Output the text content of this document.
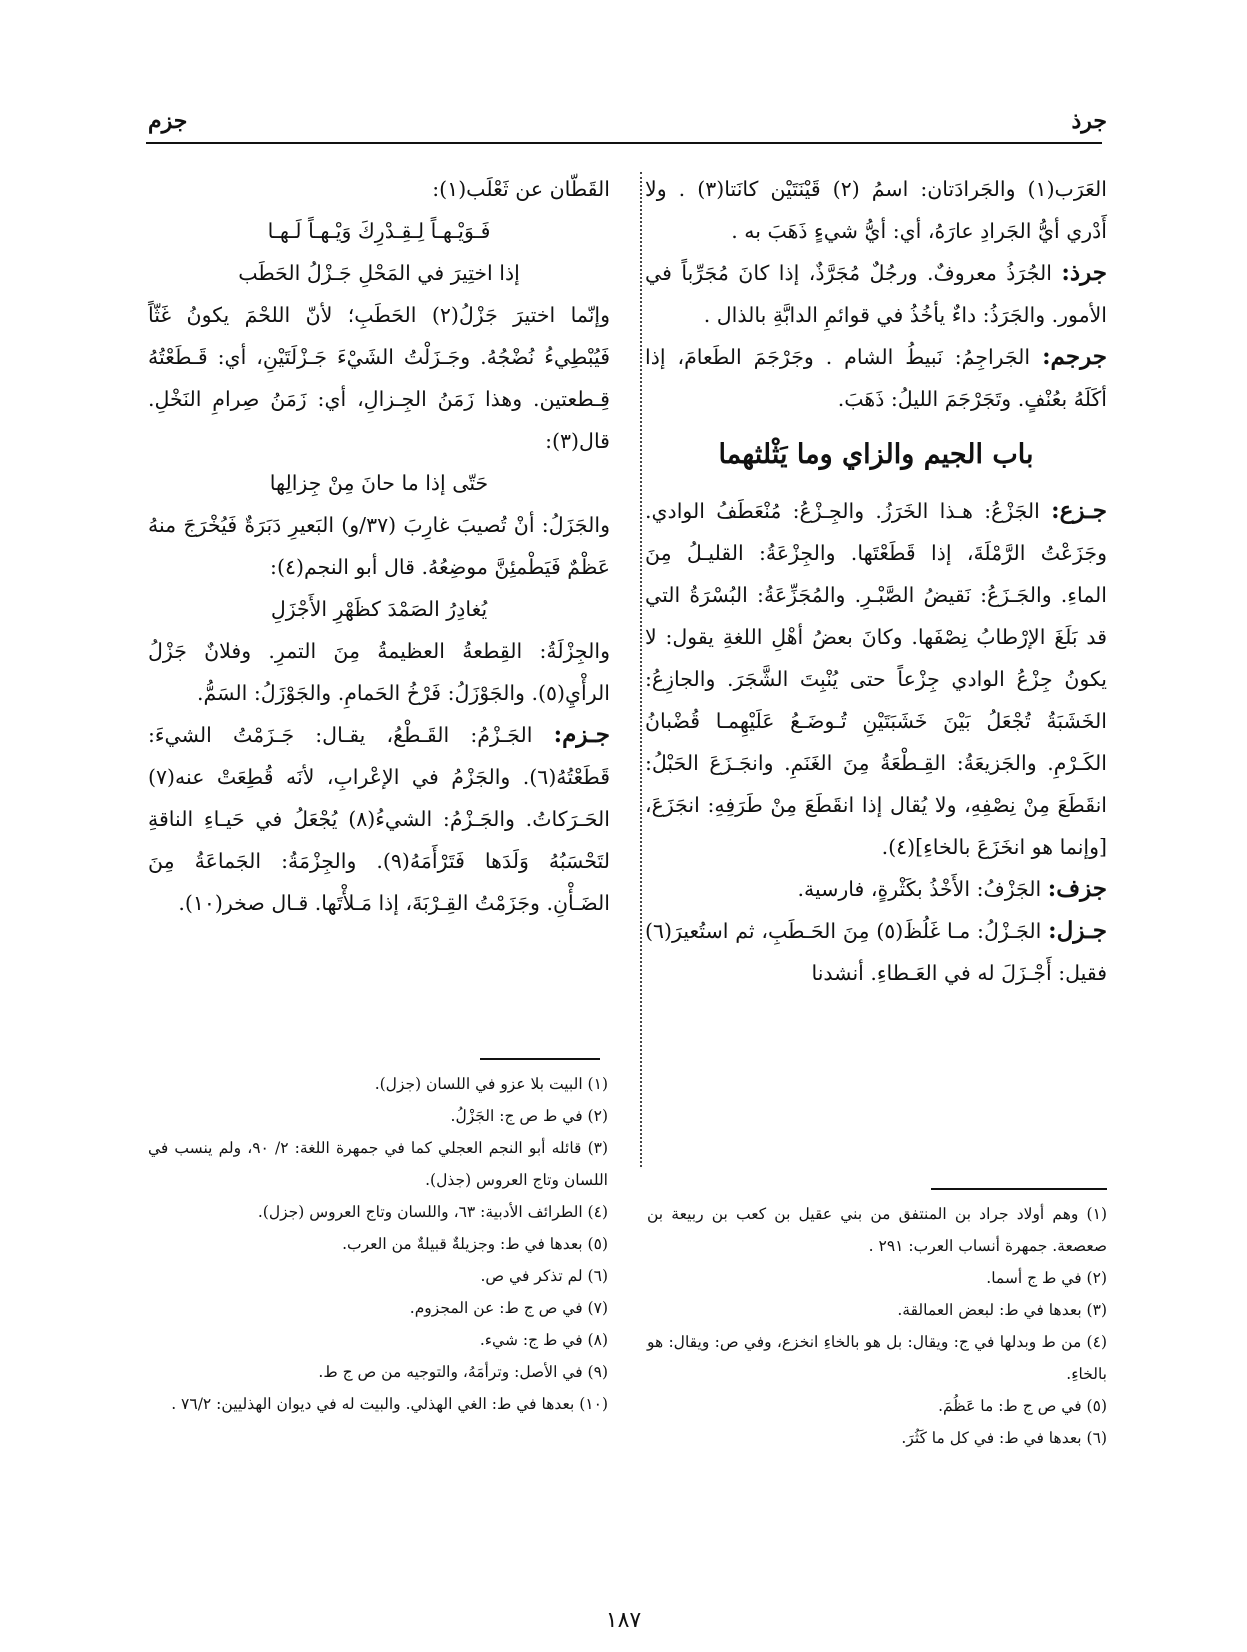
جرذ
جزم

العَرَب(١) والجَرادَتان: اسمُ (٢) قَيْنَتَيْن كانَتا(٣) . ولا أَدْري أيُّ الجَرادِ عارَهُ، أي: أيُّ شيءٍ ذَهَبَ به .

جرذ: الجُرَذُ معروفٌ. ورجُلٌ مُجَرَّذٌ، إذا كانَ مُجَرِّباً في الأمور. والجَرَذُ: داءٌ يأخُذُ في قوائمِ الدابَّةِ بالذال .

جرجم: الجَراجِمُ: نَبيطُ الشام . وجَرْجَمَ الطَعامَ، إذا أكَلَهُ بعُنْفٍ. وتَجَرْجَمَ الليلُ: ذَهَبَ.

باب الجيم والزاي وما يَثْلثهما

جـزع: الجَزْعُ: هـذا الخَرَزُ. والجِـزْعُ: مُنْعَطَفُ الوادي. وجَزَعْتُ الرَّمْلَةَ، إذا قَطَعْتَها. والجِزْعَةُ: القليـلُ مِنَ الماءِ. والجَـزَعُ: نَقيضُ الصَّبْـرِ. والمُجَزِّعَةُ: البُسْرَةُ التي قد بَلَغَ الإرْطابُ نِصْفَها. وكانَ بعضُ أهْلِ اللغةِ يقول: لا يكونُ جِزْعُ الوادي جِزْعاً حتى يُنْبِتَ الشَّجَرَ. والجازِعُ: الخَشَبَةُ تُجْعَلُ بَيْنَ خَشَبَتَيْنِ تُـوضَـعُ عَلَيْهِمـا قُضْبانُ الكَـرْمِ. والجَزيعَةُ: القِـطْعَةُ مِنَ الغَنَمِ. وانجَـزَعَ الحَبْلُ: انقَطَعَ مِنْ نِصْفِهِ، ولا يُقال إذا انقَطَعَ مِنْ طَرَفِهِ: انجَزَعَ، [وإنما هو انخَزَعَ بالخاءِ](٤).

جزف: الجَزْفُ: الأَخْذُ بكَثْرةٍ، فارسية.

جـزل: الجَـزْلُ: مـا غَلُظَ(٥) مِنَ الحَـطَبِ، ثم استُعيرَ(٦) فقيل: أَجْـزَلَ له في العَـطاءِ. أنشدنا

القَطّان عن ثَعْلَب(١):

فَـوَيْـهـاً لِـقِـدْرِكَ وَيْـهـاً لَـهـا
إذا اختِيرَ في المَحْلِ جَـزْلُ الحَطَب

وإنّما اختيرَ جَزْلُ(٢) الحَطَبِ؛ لأنّ اللحْمَ يكونُ غَثّاً فَيُبْطِيءُ نُضْجُهُ. وجَـزَلْتُ الشَيْءَ جَـزْلَتَيْنِ، أي: قَـطَعْتُهُ قِـطعتين. وهذا زَمَنُ الجِـزالِ، أي: زَمَنُ صِرامِ النَخْلِ. قال(٣):

حَتّى إذا ما حانَ مِنْ جِزالِها

والجَزَلُ: أنْ تُصيبَ غارِبَ (٣٧/و) البَعيرِ دَبَرَةٌ فَيُخْرَجَ منهُ عَظْمٌ فَيَطْمئِنَّ موضِعُهُ. قال أبو النجم(٤):

يُغادِرُ الصَمْدَ كظَهْرِ الأَجْزَلِ

والجِزْلَةُ: القِطعةُ العظيمةُ مِنَ التمرِ. وفلانٌ جَزْلُ الرأْيِ(٥). والجَوْزَلُ: فَرْخُ الحَمامِ. والجَوْزَلُ: السَمُّ.

جـزم: الجَـزْمُ: القَـطْعُ، يقـال: جَـزَمْتُ الشيءَ: قَطَعْتُهُ(٦). والجَزْمُ في الإعْرابِ، لأنَه قُطِعَتْ عنه(٧) الحَـرَكاتُ. والجَـزْمُ: الشيءُ(٨) يُجْعَلُ في حَيـاءِ الناقةِ لتَحْسَبُهُ وَلَدَها فَتَرْأَمَهُ(٩). والجِزْمَةُ: الجَماعَةُ مِنَ الضَـأْنِ. وجَزَمْتُ القِـرْبَةَ، إذا مَـلأْتَها. قـال صخر(١٠).

(١) وهم أولاد جراد بن المنتفق من بني عقيل بن كعب بن ربيعة بن صعصعة. جمهرة أنساب العرب: ٢٩١ .
(٢) في ط ج أسما.
(٣) بعدها في ط: لبعض العمالقة.
(٤) من ط وبدلها في ج: ويقال: بل هو بالخاءِ انخزع، وفي ص: ويقال: هو بالخاءِ.
(٥) في ص ج ط: ما عَظُمَ.
(٦) بعدها في ط: في كل ما كَثُرَ.
(١) البيت بلا عزو في اللسان (جزل).
(٢) في ط ص ج: الجَزْلُ.
(٣) قائله أبو النجم العجلي كما في جمهرة اللغة: ٢/ ٩٠، ولم ينسب في اللسان وتاج العروس (جذل).
(٤) الطرائف الأدبية: ٦٣، واللسان وتاج العروس (جزل).
(٥) بعدها في ط: وجزيلةٌ قبيلةٌ من العرب.
(٦) لم تذكر في ص.
(٧) في ص ج ط: عن المجزوم.
(٨) في ط ج: شيء.
(٩) في الأصل: وترأمَهُ، والتوجيه من ص ج ط.
(١٠) بعدها في ط: الغي الهذلي. والبيت له في ديوان الهذليين: ٧٦/٢ .
١٨٧
